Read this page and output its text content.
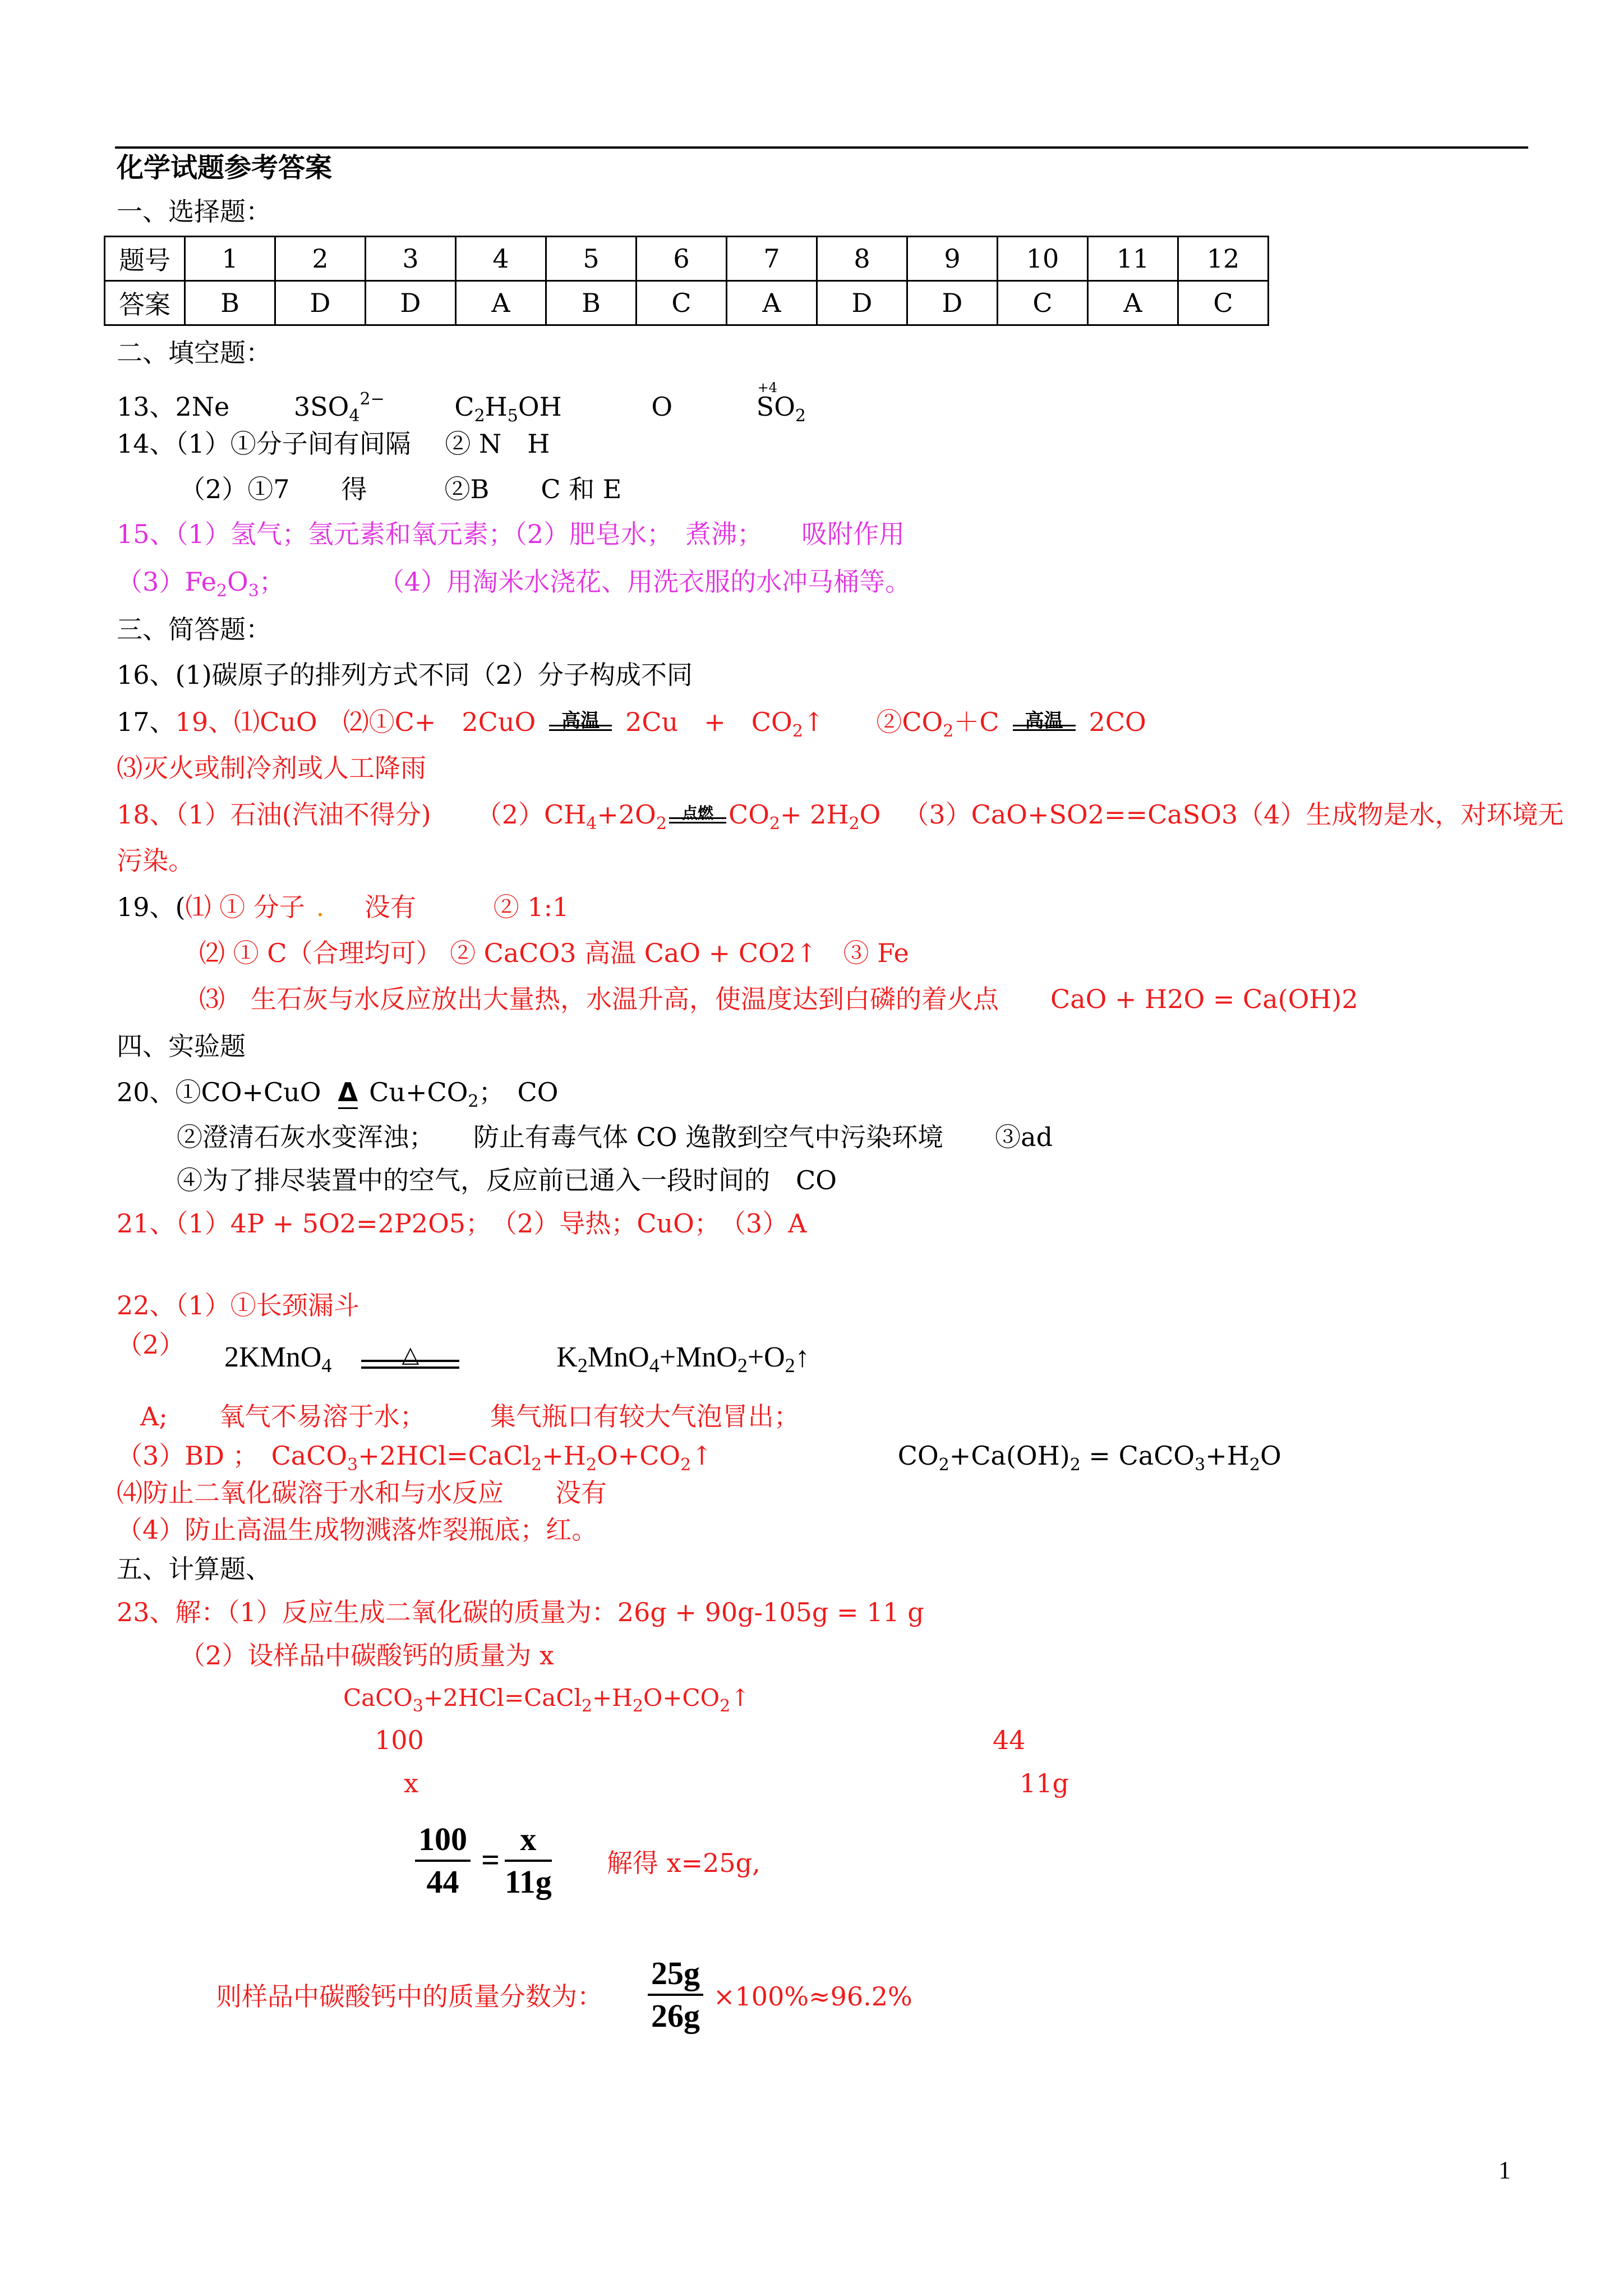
化学试题参考答案
一、选择题：
题号	1	2	3	4	5	6	7	8	9	10	11	12
答案	B	D	D	A	B	C	A	D	D	C	A	C
二、填空题：
13、2Ne $3SO_4^{2-}$	$C_2H_5OH$	O
+4
$SO_2$
14、（1）①分子间有间隔　 ② N　H
（2）①7　　得　　　②B　　C 和 E
15、（1）氢气；氢元素和氧元素；（2）肥皂水；　煮沸；　　吸附作用
$(3)Fe_2O_3$；	（4）用淘米水浇花、用洗衣服的水冲马桶等。
三、简答题：
16、(1)碳原子的排列方式不同（2）分子构成不同
17、19、⑴CuO　⑵①C+　2CuO	高温	2Cu　+　$CO_2↑$　　$②CO_2+C$	高温	2CO
⑶灭火或制冷剂或人工降雨
18、（1）石油(汽油不得分) $(2)CH_4+2O_2$
点燃 $CO_2+ 2H_2O$ （3）CaO+SO2==CaSO3（4）生成物是水，对环境无
污染。
19、(⑴ ① 分子 ． 没有　　　② 1:1
⑵ ① C（合理均可） ② CaCO3 高温 CaO + CO2↑　③ Fe
⑶　生石灰与水反应放出大量热，水温升高，使温度达到白磷的着火点　　CaO + H2O = Ca(OH)2
四、实验题
20、①CO+CuO Δ $Cu+CO_2$；　CO
②澄清石灰水变浑浊；　　防止有毒气体 CO 逸散到空气中污染环境　　③ad
④为了排尽装置中的空气，反应前已通入一段时间的　CO
21、（1）4P + 5O2=2P2O5；　（2）导热；CuO；　（3）A
22、（1）①长颈漏斗
（2） 2KMnO$_4$	△	$K_2MnO_4+MnO_2+O_2↑$
A;　　氧气不易溶于水；　　　集气瓶口有较大气泡冒出；
（3）BD ；　$CaCO_3+2HCl=CaCl_2+H_2O+CO_2↑$	$CO_2+Ca(OH)_2$ = $CaCO_3+H_2O$
⑷防止二氧化碳溶于水和与水反应　　没有
（4）防止高温生成物溅落炸裂瓶底；红。
五、计算题、
23、解：（1）反应生成二氧化碳的质量为：26g + 90g-105g = 11 g
（2）设样品中碳酸钙的质量为 x
$CaCO_3+2HCl=CaCl_2+H_2O+CO_2↑$
100	44
x	11g
$\frac{100}{44} = \frac{x}{11g}$ 解得 x=25g,
则样品中碳酸钙中的质量分数为： $\frac{25g}{26g} \times 100\%\approx 96.2\%$
1
